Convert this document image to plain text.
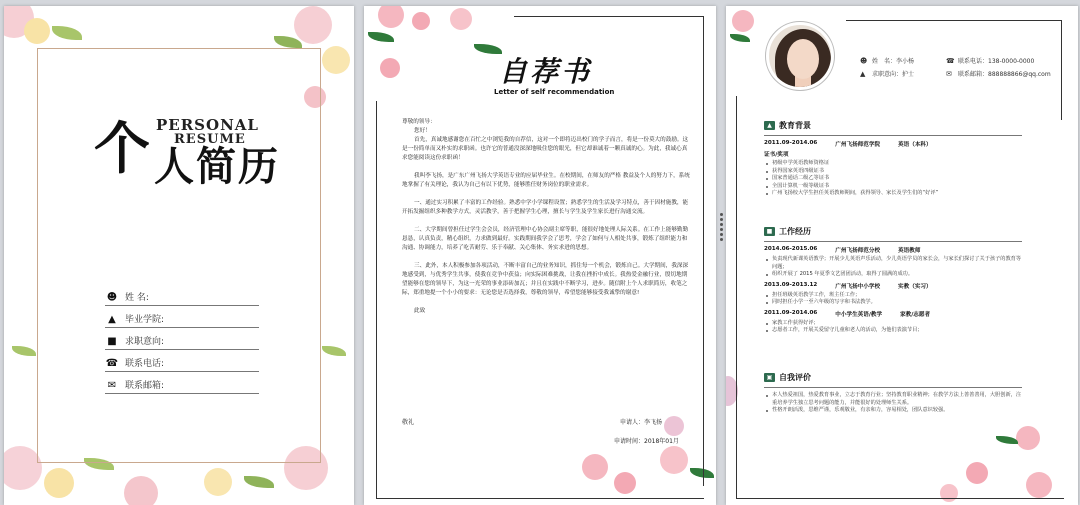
PERSONAL
RESUME
个 人简历
☻ 姓 名:
▲	毕业学院:
■ 求职意向:
☎ 联系电话:
✉ 联系邮箱:
自荐书
Letter of self recommendation

尊敬的领导：

您好！

首先，真诚地感谢您在百忙之中浏览我的自荐信，这对一个即将迈出校门的学子而言，将是一份莫大的鼓励。这是一份简单而又朴实的求职函。也许它的普通没深深地吸住您的眼光，但它却谁诚着一颗真诚的心。为此，我诚心真求您能阅读这份求职函！

我叫李飞扬，是广东广州飞扬大学英语专业的应届毕业生。在校期间，在师友的严格 教益及个人的努力下，系统地掌握了有关理论，我认为自己有以下优势，能够胜任财务岗位的职业需求。

一、通过实习积累了丰富的工作经验。熟悉中学小学课程设置；熟悉学生的生活及学习特点，善于因材施教，能开拓发掘组织多种教学方式，灵活教学，善于把握学生心理，擅长与学生及学生家长进行沟通交流。

二、大学期间曾担任过学生会会员，经济管理中心协会副主席等职，能很好地处理人际关系。在工作上能够勤勤恳恳，认真负责，精心组织，力求做到最好。实践期间我学会了思考，学会了如何与人相处共事，锻炼了组织能力和沟通、协调能力，培养了吃苦耐劳、乐于奉献、关心集体、务实求进的思想。

三、此外，本人积极参加各项活动，不断丰富自己的业务知识，抓住每一个机会，锻炼自己。大学期间，我深深地感受到，与优秀学生共事，使我在竞争中获益；向实际困难挑战，让我在挫折中成长。我热爱金融行业，殷切地期望能够在您的领导下，为这一光荣的事业添砖加瓦；并且在实践中不断学习，进步。随信附上个人求职简历，收笔之际，郑重地提一个小小的要求：无论您是否选择我，尊敬的领导，希望您能够接受我诚挚的谢意!

此致

敬礼	申请人：李飞扬
申请时间：2018年01月
☻ 姓　名：李小杨
▲	求职意向：护士
☎ 联系电话：138-0000-0000
✉	联系邮箱：888888866@qq.com
▲ 教育背景
2011.09-2014.06	广州飞扬师范学院	英语（本科）
证书/奖项
初级中学英语教师资格证
获得国家英语四级证书
国家普通话二级乙等证书
全国计算机一级等级证书
广州飞扬校大学生担任英语教师期间，获得领导、家长及学生们的“好评”
■ 工作经历
2014.06-2015.06	广州飞扬师范分校	英语教师
负责现代新课英语教学；开展少儿英语声乐活动，少儿英语学员的家长会，与家长们探讨了关于孩子的教育等问题；
组织开展了 2015 年夏季文艺团团活动，取得了圆满的成功。
2013.09-2013.12	广州飞扬中小学校	实教（实习）
担任班级英语教学工作，班主任工作；
同时担任小学一至六年级的写字和书法教学。
2011.09-2014.06	中小学生英语/教学	家教/志愿者
家教工作获得好评；
志愿者工作，开展关爱留守儿童和老人的活动，为他们表演节目；
▣ 自我评价
本人热爱祖国，热爱教育事业，立志于教育行业；坚持教育职业精神；在教学方法上善善善用，大胆创新，注重培养学生独立思考问题的能力，并能很好的处理师生关系。
性格开朗活泼，思维严谨，乐观敬业，有亲和力，容易相处，团队意识较强。
